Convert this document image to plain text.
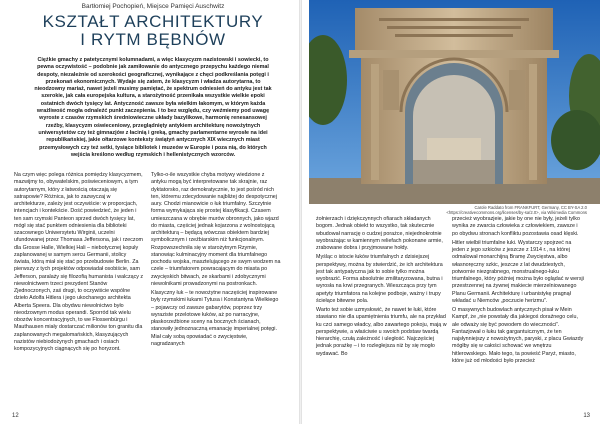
Bartłomiej Pochopień, Miejsce Pamięci Auschwitz
KSZTAŁT ARCHITEKTURY
I RYTM BĘBNÓW

Ciężkie gmachy z patetycznymi kolumnadami, a więc klasycyzm nazistowski i sowiecki, to pewna oczywistość – podobnie jak zamiłowanie do antycznego przepychu każdego niemal despoty, niezależnie od szerokości geograficznej, wynikające z chęci podkreślania potęgi i przekonań ekonomicznych. Wydaje się zatem, że klasycyzm i władza autorytarna, to nieodzowny mariaż, nawet jeżeli musimy pamiętać, że spektrum odniesień do antyku jest tak szerokie, jak cała europejska kultura, a starożytność przenikała wszystkie wielkie epoki ostatnich dwóch tysięcy lat. Antyczność zawsze była wielkim łakomym, w którym każda wrażliwość mogła odnaleźć punkt zaczepienia. I to bez względu, czy weźmiemy pod uwagę wyroste z czasów rzymskich średniowieczne układy bazylikowe, harmonię renesansowej rzeźby, klasycyzm oświeceniowy, przeglądnięty antykiem architekturę nowożytnych uniwersytetów czy też gimnazjów z łacinią i greką, gmachy parlamentarne wyrosłe na idei republikańskiej, jakie ołtarzowe konteksty świątyń antycznych XIX wiecznych miast przemysłowych czy też setki, tysiące bibliotek i muzeów w Europie i poza nią, do których wejścia kreślono według rzymskich i hellenistycznych wzorców.

Na czym więc polega różnica pomiędzy klasycyzmem, mazwijmy to, obywatelskim, poświeceniowym, a tym autorytarnym, który z łatwością otaczają się satrapowie? Różnica, jak to zazwyczaj w architekturze, zależy jest oczywiście: w proporcjach, intencjach i kontekście. Dość powiedzieć, że jeden i ten sam rzymski Panteon sprzed dwóch tysięcy lat, mógł się stać punktem odniesienia dla biblioteki szacownego Uniwersytetu Wirginii, uczelni ufundowanej przez Thomasa Jeffersona, jak i rzeczom dla Grosse Halle, Wielkiej Hali – niebotycznej kopuły zaplanowanej w samym sercu Germanii, stolicy świata, którą miał się stać po przebudowie Berlin. Za pierwszy z tych projektów odpowiadał osobiście, sam Jefferson, paralaży się filozofią humanista i walczący z niewolnictwem trzeci prezydent Stanów Zjednoczonych, zaś drugi, to oczywiście wspólne dzieło Adolfa Hitlera i jego ukochanego architekta Alberta Speera. Dla obydwu niewolnictwo było nieodzownym modus operandi. Sporród tak wielu obozów koncentracyjnych, to we Flossenbürgu i Mauthausen miały dostarczać milionów ton granitu dla zaplanowanych megalomańskich, klasyzujących nazistów niebiodożynych gmachach i osiach kompozycyjnych ciągnących się po horyzont.

Tylko-o-ile wszystkie chyba motywy wiedzione z antyku mogą być interpretowane tak skrajnie, raz dyktatorsko, raz demokratycznie, to jest pośród nich ten, któremu zdecydowanie najbliżej do despotycznej aury. Chodzi mianowicie o łuk triumfalny. Szczytnie forma wymykająca się prostej klasyfikacji. Czasem umieszczana w obrębie murów obronnych, jako wjazd do miasta, częściej jednak kojarzona z wolnostojącą architekturą – będącą wówczas obiektem bardziej symbolicznym i rzeźbiarskim niż funkcjonalnym. Rozpowszechniła się w starożytnym Rzymie, stanowiąc kulminacyjny moment dla triumfalnego pochodu wojska, masztelującego ze swym wodzem na czele – triumfatorem powracającym do miasta po zwycięskich bitwach, ze skarbami i zdobycznymi niewolnikami prowadzonymi na postronkach.

Klasyczny łuk – te nowożytne naczęściej inspirowane były rzymskimi łukami Tytusa i Konstantyna Wielkiego – pojawczy od zawsze gabarytów, poprzez trzy wyraziste przelotowe łuków, aż po narracyjne, płaskorzeźbione sceny na bocznych ścianach, stanowiły jednoznaczną emanację imperialnej potęgi. Miał cały sobą opowiadać o zwycięstwie, nagradzanych

12
Carole Raddato from FRANKFURT, Germany, CC BY-SA 2.0
<https://creativecommons.org/licenses/by-sa/2.0>, via Wikimedia Commons

żołnierzach i dziękczynnych ofiarach składanych bogom. Jednak obiekt to wszystko, tak skutecznie wbudował narrację o cudzej porażce, niejednokrotnie wyobrażając w kamiennym reliefach pokonane armie, zrabowane dobra i przyjmowane hołdy.

Myśląc o istocie łuków triumfalnych z dzisiejszej perspektywy, można by stwierdzić, że ich architektura jest tak antypatyczna jak to sobie tylko można wyobrazić. Forma absolutnie zmilitaryzowana, butna i wyrosła na krwi przegranych. Wieszcząca przy tym apetyty triumfatora na kolejne podboje, ważny i trupy ściełące bitewne pola.

Warto też sobie uzmysłowić, że nawet te łuki, które stawiano nie dla upamiętnienia triumfu, ale na przykład ku czci samego władcy, albo zawartego pokoju, mają w perspektywie, a właściwie u swoich podstaw twardą hierarchię, czułą zależność i uległość. Najczęściej jednak porażkę – i to rozległejsza niż by się mogło wydawać. Bo

przecież wyobrazjeie, jakie by one nie były, jeżeli tylko wynika ze zwarcia człowieka z człowiekiem, zawsze i po obydwu stronach konfliktu pozostawia osad klęski.

Hitler wielbił triumfalne łuki. Wystarczy spojrzeć na jeden z jego szkiców z jeszcze z 1914 r., na której odmalował monarchijną Bramę Zwycięstwa, albo własnoręczny szkic, jeszcze z lat dwudziestych, potwornie niezgrabnego, monstrualnego-łuku triumfalnego, który później można było oglądać w wersji przestrzennej na żywnej makiecie mierzelniowanego Planu Germanii. Architekturę i urbanistykę pragnął wkładać u Niemców „poczucie herizmu”.

O masywnych budowlach antycznych pisał w Mein Kampf, że „nie powstały dla jakiegoś doraźnego celu, ale odważy się być powodem do wieczności”. Fantazjował o łuku tak gargantuicznym, że ten najsłynniejszy z nowożytnych, paryski, z placu Gwiazdy mógłby się w całości schować we wnętrzu hitlerowskiego. Mało tego, ta powieść Paryż, miasto, które już od młodości było przecież

13
